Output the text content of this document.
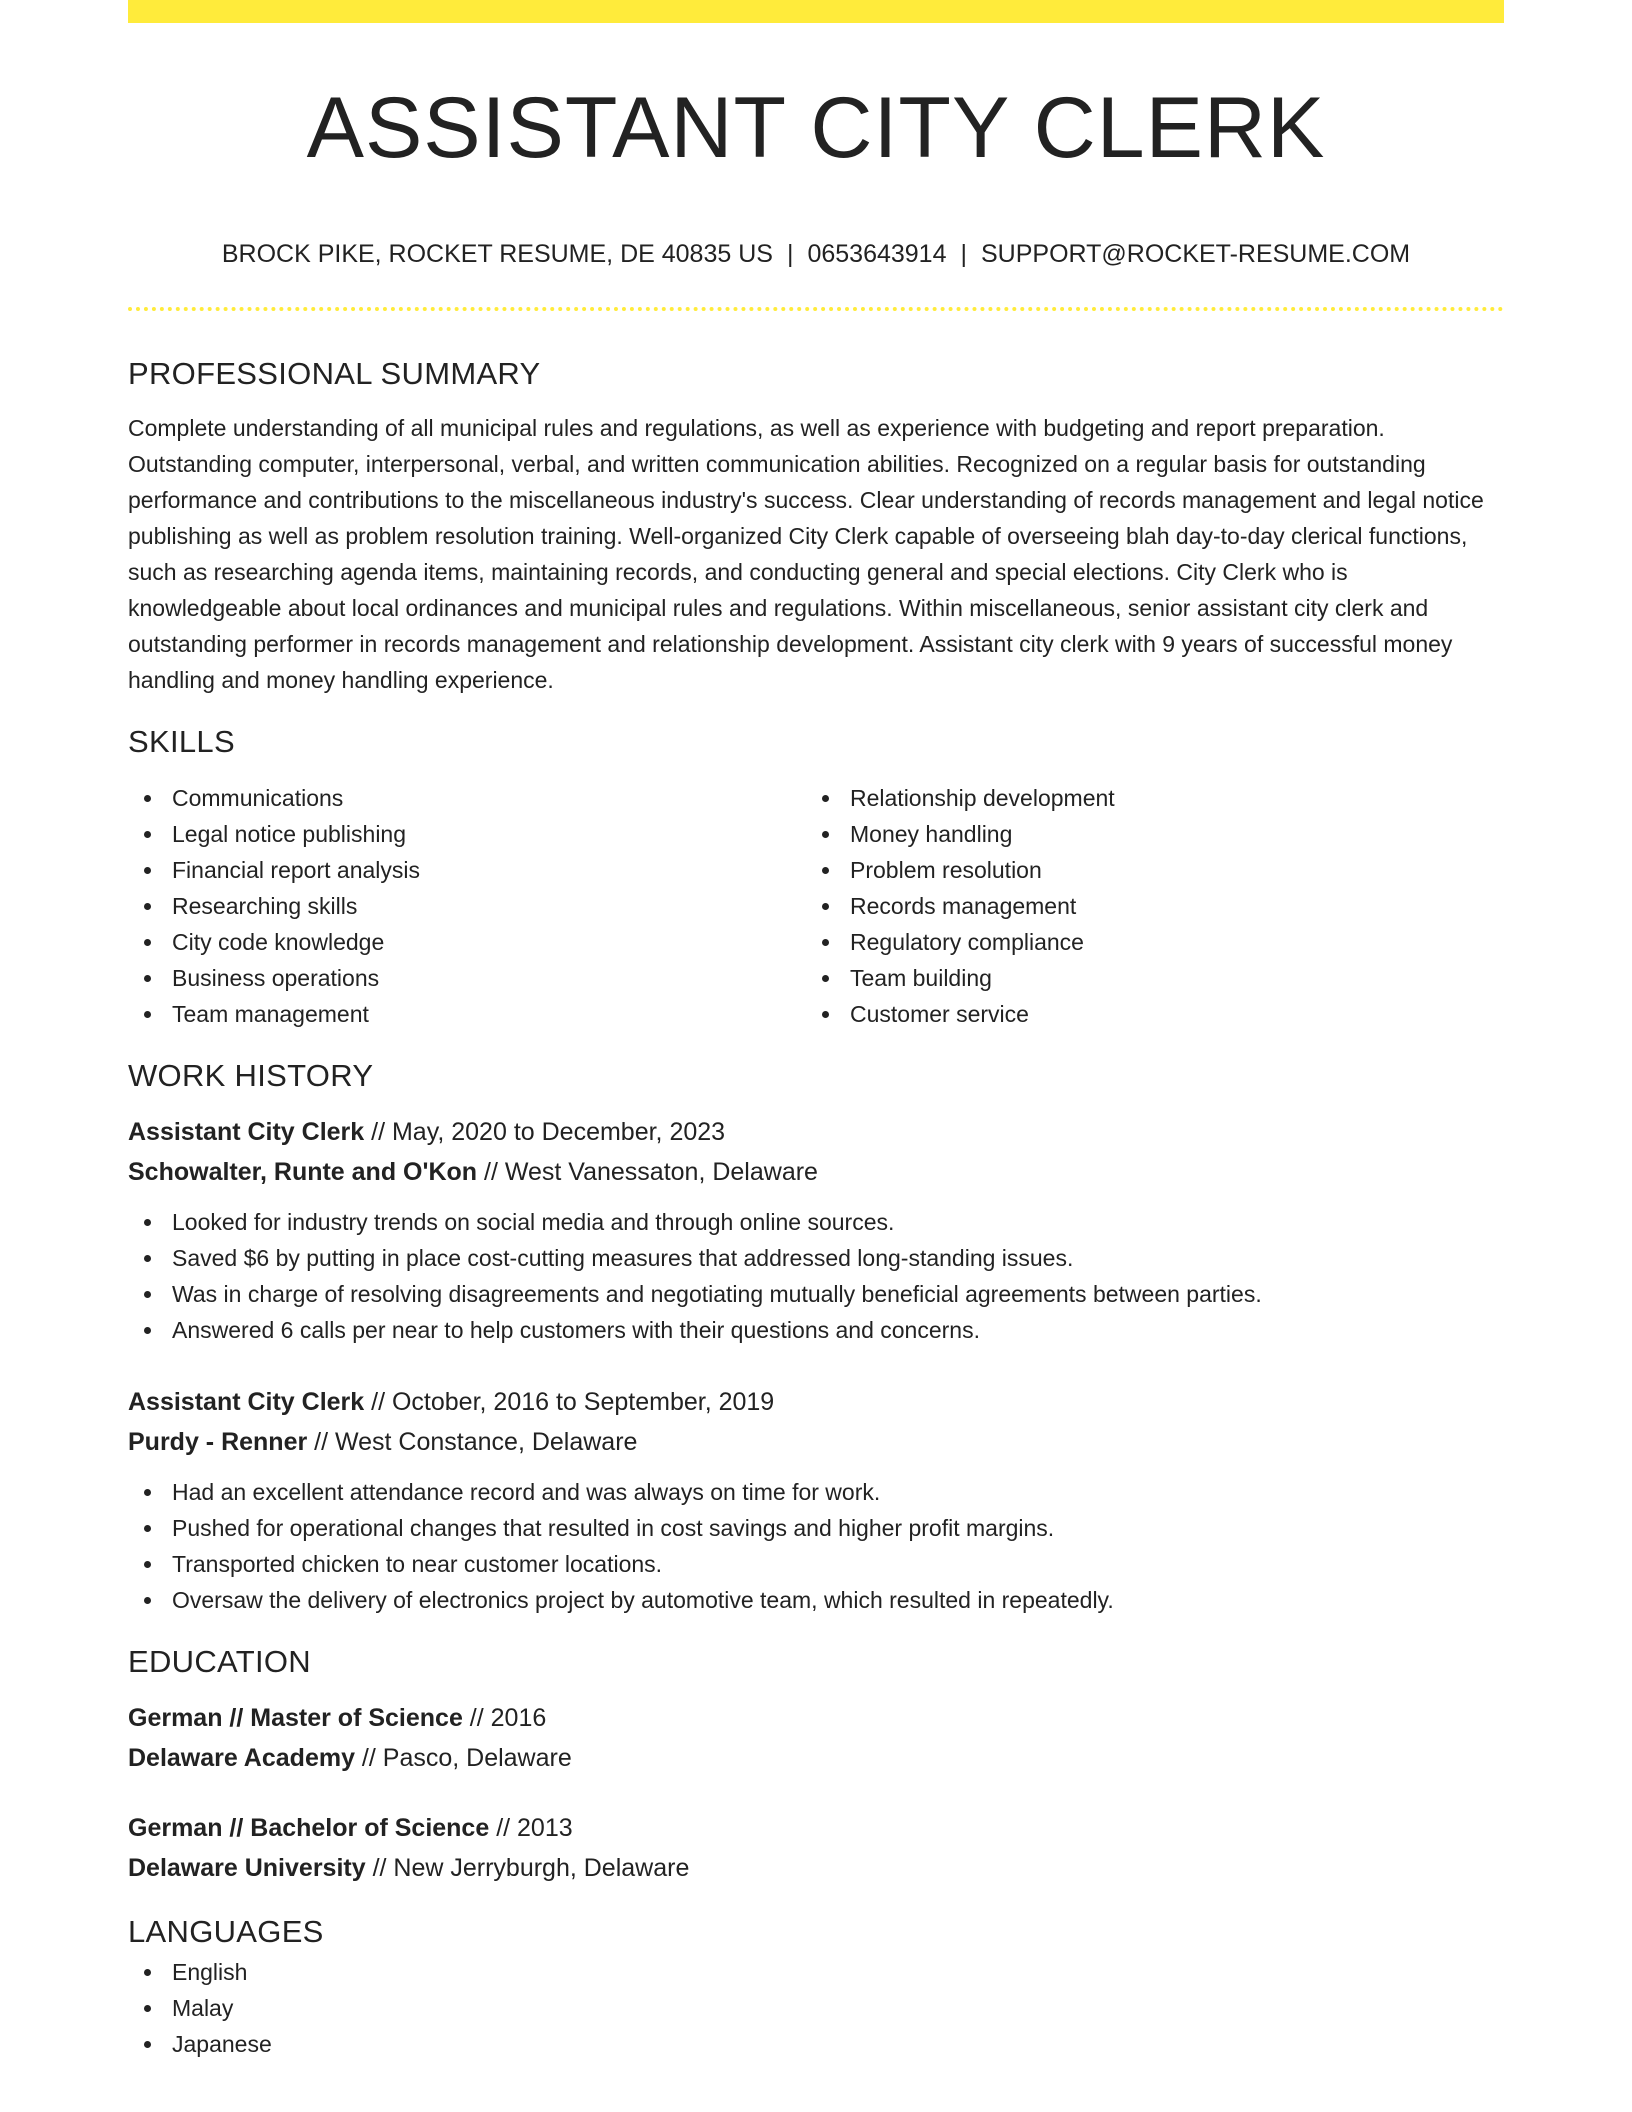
ASSISTANT CITY CLERK
BROCK PIKE, ROCKET RESUME, DE 40835 US | 0653643914 | SUPPORT@ROCKET-RESUME.COM
PROFESSIONAL SUMMARY

Complete understanding of all municipal rules and regulations, as well as experience with budgeting and report preparation. Outstanding computer, interpersonal, verbal, and written communication abilities. Recognized on a regular basis for outstanding performance and contributions to the miscellaneous industry's success. Clear understanding of records management and legal notice publishing as well as problem resolution training. Well-organized City Clerk capable of overseeing blah day-to-day clerical functions, such as researching agenda items, maintaining records, and conducting general and special elections. City Clerk who is knowledgeable about local ordinances and municipal rules and regulations. Within miscellaneous, senior assistant city clerk and outstanding performer in records management and relationship development. Assistant city clerk with 9 years of successful money handling and money handling experience.

SKILLS
Communications
Legal notice publishing
Financial report analysis
Researching skills
City code knowledge
Business operations
Team management
Relationship development
Money handling
Problem resolution
Records management
Regulatory compliance
Team building
Customer service
WORK HISTORY
Assistant City Clerk // May, 2020 to December, 2023
Schowalter, Runte and O'Kon // West Vanessaton, Delaware
Looked for industry trends on social media and through online sources.
Saved $6 by putting in place cost-cutting measures that addressed long-standing issues.
Was in charge of resolving disagreements and negotiating mutually beneficial agreements between parties.
Answered 6 calls per near to help customers with their questions and concerns.
Assistant City Clerk // October, 2016 to September, 2019
Purdy - Renner // West Constance, Delaware
Had an excellent attendance record and was always on time for work.
Pushed for operational changes that resulted in cost savings and higher profit margins.
Transported chicken to near customer locations.
Oversaw the delivery of electronics project by automotive team, which resulted in repeatedly.
EDUCATION
German // Master of Science // 2016
Delaware Academy // Pasco, Delaware
German // Bachelor of Science // 2013
Delaware University // New Jerryburgh, Delaware
LANGUAGES
English
Malay
Japanese
